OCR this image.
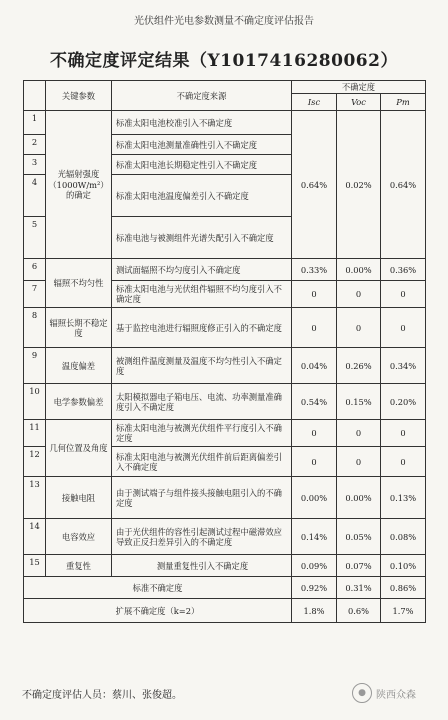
光伏组件光电参数测量不确定度评估报告
不确定度评定结果（Y1017416280062）
	关键参数	不确定度来源	不确定度		
			Isc	Voc	Pm
1	光辐射强度（1000W/m²）的确定	标准太阳电池校准引入不确定度	0.64%	0.02%	0.64%
2		标准太阳电池测量准确性引入不确定度			
3		标准太阳电池长期稳定性引入不确定度			
4		标准太阳电池温度偏差引入不确定度			
5		标准电池与被测组件光谱失配引入不确定度			
6	辐照不均匀性	测试面辐照不均匀度引入不确定度	0.33%	0.00%	0.36%
7		标准太阳电池与光伏组件辐照不均匀度引入不确定度	0	0	0
8	辐照长期不稳定度	基于监控电池进行辐照度修正引入的不确定度	0	0	0
9	温度偏差	被测组件温度测量及温度不均匀性引入不确定度	0.04%	0.26%	0.34%
10	电学参数偏差	太阳模拟器电子箱电压、电流、功率测量准确度引入不确定度	0.54%	0.15%	0.20%
11	几何位置及角度	标准太阳电池与被测光伏组件平行度引入不确定度	0	0	0
12		标准太阳电池与被测光伏组件前后距离偏差引入不确定度	0	0	0
13	接触电阻	由于测试端子与组件接头接触电阻引入的不确定度	0.00%	0.00%	0.13%
14	电容效应	由于光伏组件的容性引起测试过程中磁滞效应导致正反扫差异引入的不确定度	0.14%	0.05%	0.08%
15	重复性	测量重复性引入不确定度	0.09%	0.07%	0.10%
标准不确定度			0.92%	0.31%	0.86%
扩展不确定度（k=2）			1.8%	0.6%	1.7%
不确定度评估人员：蔡川、张俊超。	●	陕西众森
